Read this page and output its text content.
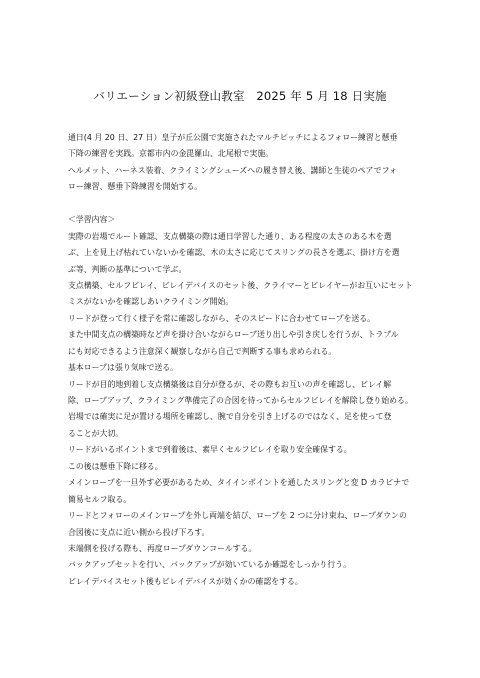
バリエーション初級登山教室　2025 年 5 月 18 日実施
通日(4 月 20 日、27 日）皇子が丘公園で実施されたマルチピッチによるフォロー練習と懸垂
下降の練習を実践。京都市内の金毘羅山、北尾根で実施。
ヘルメット、ハーネス装着、クライミングシューズへの履き替え後、講師と生徒のペアでフォ
ロー練習、懸垂下降練習を開始する。
＜学習内容＞
実際の岩場でルート確認、支点構築の際は通日学習した通り、ある程度の太さのある木を選
ぶ、上を見上げ枯れていないかを確認、木の太さに応じてスリングの長さを選ぶ、掛け方を選
ぶ等、判断の基準について学ぶ。
支点構築、セルフビレイ、ビレイデバイスのセット後、クライマーとビレイヤーがお互いにセット
ミスがないかを確認しあいクライミング開始。
リードが登って行く様子を常に確認しながら、そのスピードに合わせてロープを送る。
また中間支点の構築時など声を掛け合いながらロープ送り出しや引き戻しを行うが、トラブル
にも対応できるよう注意深く観察しながら自己で判断する事も求められる。
基本ロープは張り気味で送る。
リードが目的地到着し支点構築後は自分が登るが、その際もお互いの声を確認し、ビレイ解
除、ロープアップ、クライミング準備完了の合図を待ってからセルフビレイを解除し登り始める。
岩場では確実に足が置ける場所を確認し、腕で自分を引き上げるのではなく、足を使って登
ることが大切。
リードがいるポイントまで到着後は、素早くセルフビレイを取り安全確保する。
この後は懸垂下降に移る。
メインロープを一旦外す必要があるため、タイインポイントを通したスリングと変 D カラビナで
簡易セルフ取る。
リードとフォローのメインロープを外し両端を結び、ロープを 2 つに分け束ね、ロープダウンの
合図後に支点に近い側から投げ下ろす。
末端側を投げる際も、再度ロープダウンコールする。
バックアップセットを行い、バックアップが効いているか確認をしっかり行う。
ビレイデバイスセット後もビレイデバイスが効くかの確認をする。
